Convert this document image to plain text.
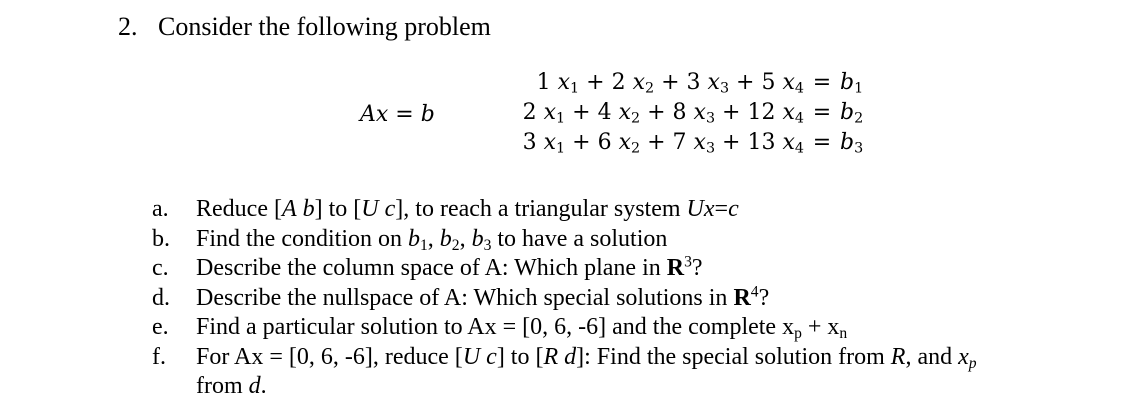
2. Consider the following problem
Ax = b
1 $x_1 + 2$ $x_2 + 3$ $x_3 + 5$ $x_4 = b_1$
2 $x_1 + 4$ $x_2 + 8$ $x_3 + 12$ $x_4 = b_2$
3 $x_1 + 6$ $x_2 + 7$ $x_3 + 13$ $x_4 = b_3$
a.	Reduce [A b] to [U c], to reach a triangular system Ux=c
b.	Find the condition on $b_1$, $b_2$, $b_3$ to have a solution
c.	Describe the column space of A: Which plane in $R^3$?
d.	Describe the nullspace of A: Which special solutions in $R^4$?
e.	Find a particular solution to Ax = [0, 6, -6] and the complete $x_p + x_n$
f.	For Ax = [0, 6, -6], reduce [U c] to [R d]: Find the special solution from R, and $x_p$
from d.
